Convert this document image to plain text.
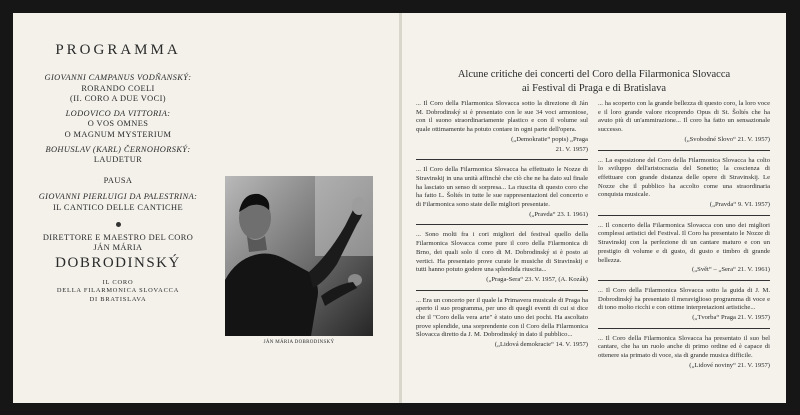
PROGRAMMA
GIOVANNI CAMPANUS VODŇANSKÝ:
RORANDO COELI
(II. CORO A DUE VOCI)
LODOVICO DA VITTORIA:
O VOS OMNES
O MAGNUM MYSTERIUM
BOHUSLAV (KARL) ČERNOHORSKÝ:
LAUDETUR
PAUSA
GIOVANNI PIERLUIGI DA PALESTRINA:
IL CANTICO DELLE CANTICHE
DIRETTORE E MAESTRO DEL CORO
JÁN MÁRIA
DOBRODINSKÝ
IL CORO
DELLA FILARMONICA SLOVACCA
DI BRATISLAVA
JÁN MÁRIA DOBRODINSKÝ
Alcune critiche dei concerti del Coro della Filarmonica Slovacca
ai Festival di Praga e di Bratislava
... Il Coro della Filarmonica Slovacca sotto la direzione di Ján M. Dobrodinský si è presentato con le sue 34 voci armoniose, con il suono straordinariamente plastico e con il volume sul quale ottimamente ha potuto contare in ogni parte dell'opera.
(„Demokratie“ popis) „Praga
21. V. 1957)
... Il Coro della Filarmonica Slovacca ha effettuato le Nozze di Stravinskij in una unità affinchè che ciò che ne ha dato sul finale ha lasciato un senso di sorpresa... La riuscita di questo coro che ha fatto L. Šoltés in tutte le sue rappresentazioni del concerto e di Filarmonica sono state delle migliori presentate.
(„Pravda“ 23. I. 1961)
... Sono molti fra i cori migliori del festival quello della Filarmonica Slovacca come pure il coro della Filarmonica di Brno, dei quali solo il coro di M. Dobrodinský si è posto ai vertici. Ha presentato prove curate le musiche di Stravinskij e tutti hanno potuto godere una splendida riuscita...
(„Praga-Sera“ 23. V. 1957, (A. Kozák)
... Era un concerto per il quale la Primavera musicale di Praga ha aperto il suo programma, per uno di quegli eventi di cui si dice che il "Coro della vera arte" è stato uno dei pochi. Ha ascoltato prove splendide, una sorprendente con il Coro della Filarmonica Slovacca diretto da J. M. Dobrodinský in dato il pubblico...
(„Lidová demokracie“ 14. V. 1957)
... ha scoperto con la grande bellezza di questo coro, la loro voce e il loro grande valore ricoprendo Opus di St. Šoltés che ha avuto più di un'ammirazione... Il coro ha fatto un sensazionale successo.
(„Svobodné Slovo“ 21. V. 1957)
... La esposizione del Coro della Filarmonica Slovacca ha colto lo sviluppo dell'aristocrazia del Sonetto; la coscienza di effettuare con grande distanza delle opere di Stravinskij. Le Nozze che il pubblico ha accolto come una straordinaria conquista musicale.
(„Pravda“ 9. VI. 1957)
... Il concerto della Filarmonica Slovacca con uno dei migliori complessi artistici del Festival. Il Coro ha presentato le Nozze di Stravinskij con la perfezione di un cantare maturo e con un prestigio di volume e di gusto, di gusto e timbro di grande bellezza.
(„Svět“ – „Sera“ 21. V. 1961)
... Il Coro della Filarmonica Slovacca sotto la guida di J. M. Dobrodinský ha presentato il meraviglioso programma di voce e di tono molto ricchi e con ottime interpretazioni artistiche...
(„Tvorba“ Praga 21. V. 1957)
... Il Coro della Filarmonica Slovacca ha presentato il suo bel cantare, che ha un ruolo anche di primo ordine ed è capace di ottenere sia primato di voce, sia di grande musica difficile.
(„Lidové noviny“ 21. V. 1957)
